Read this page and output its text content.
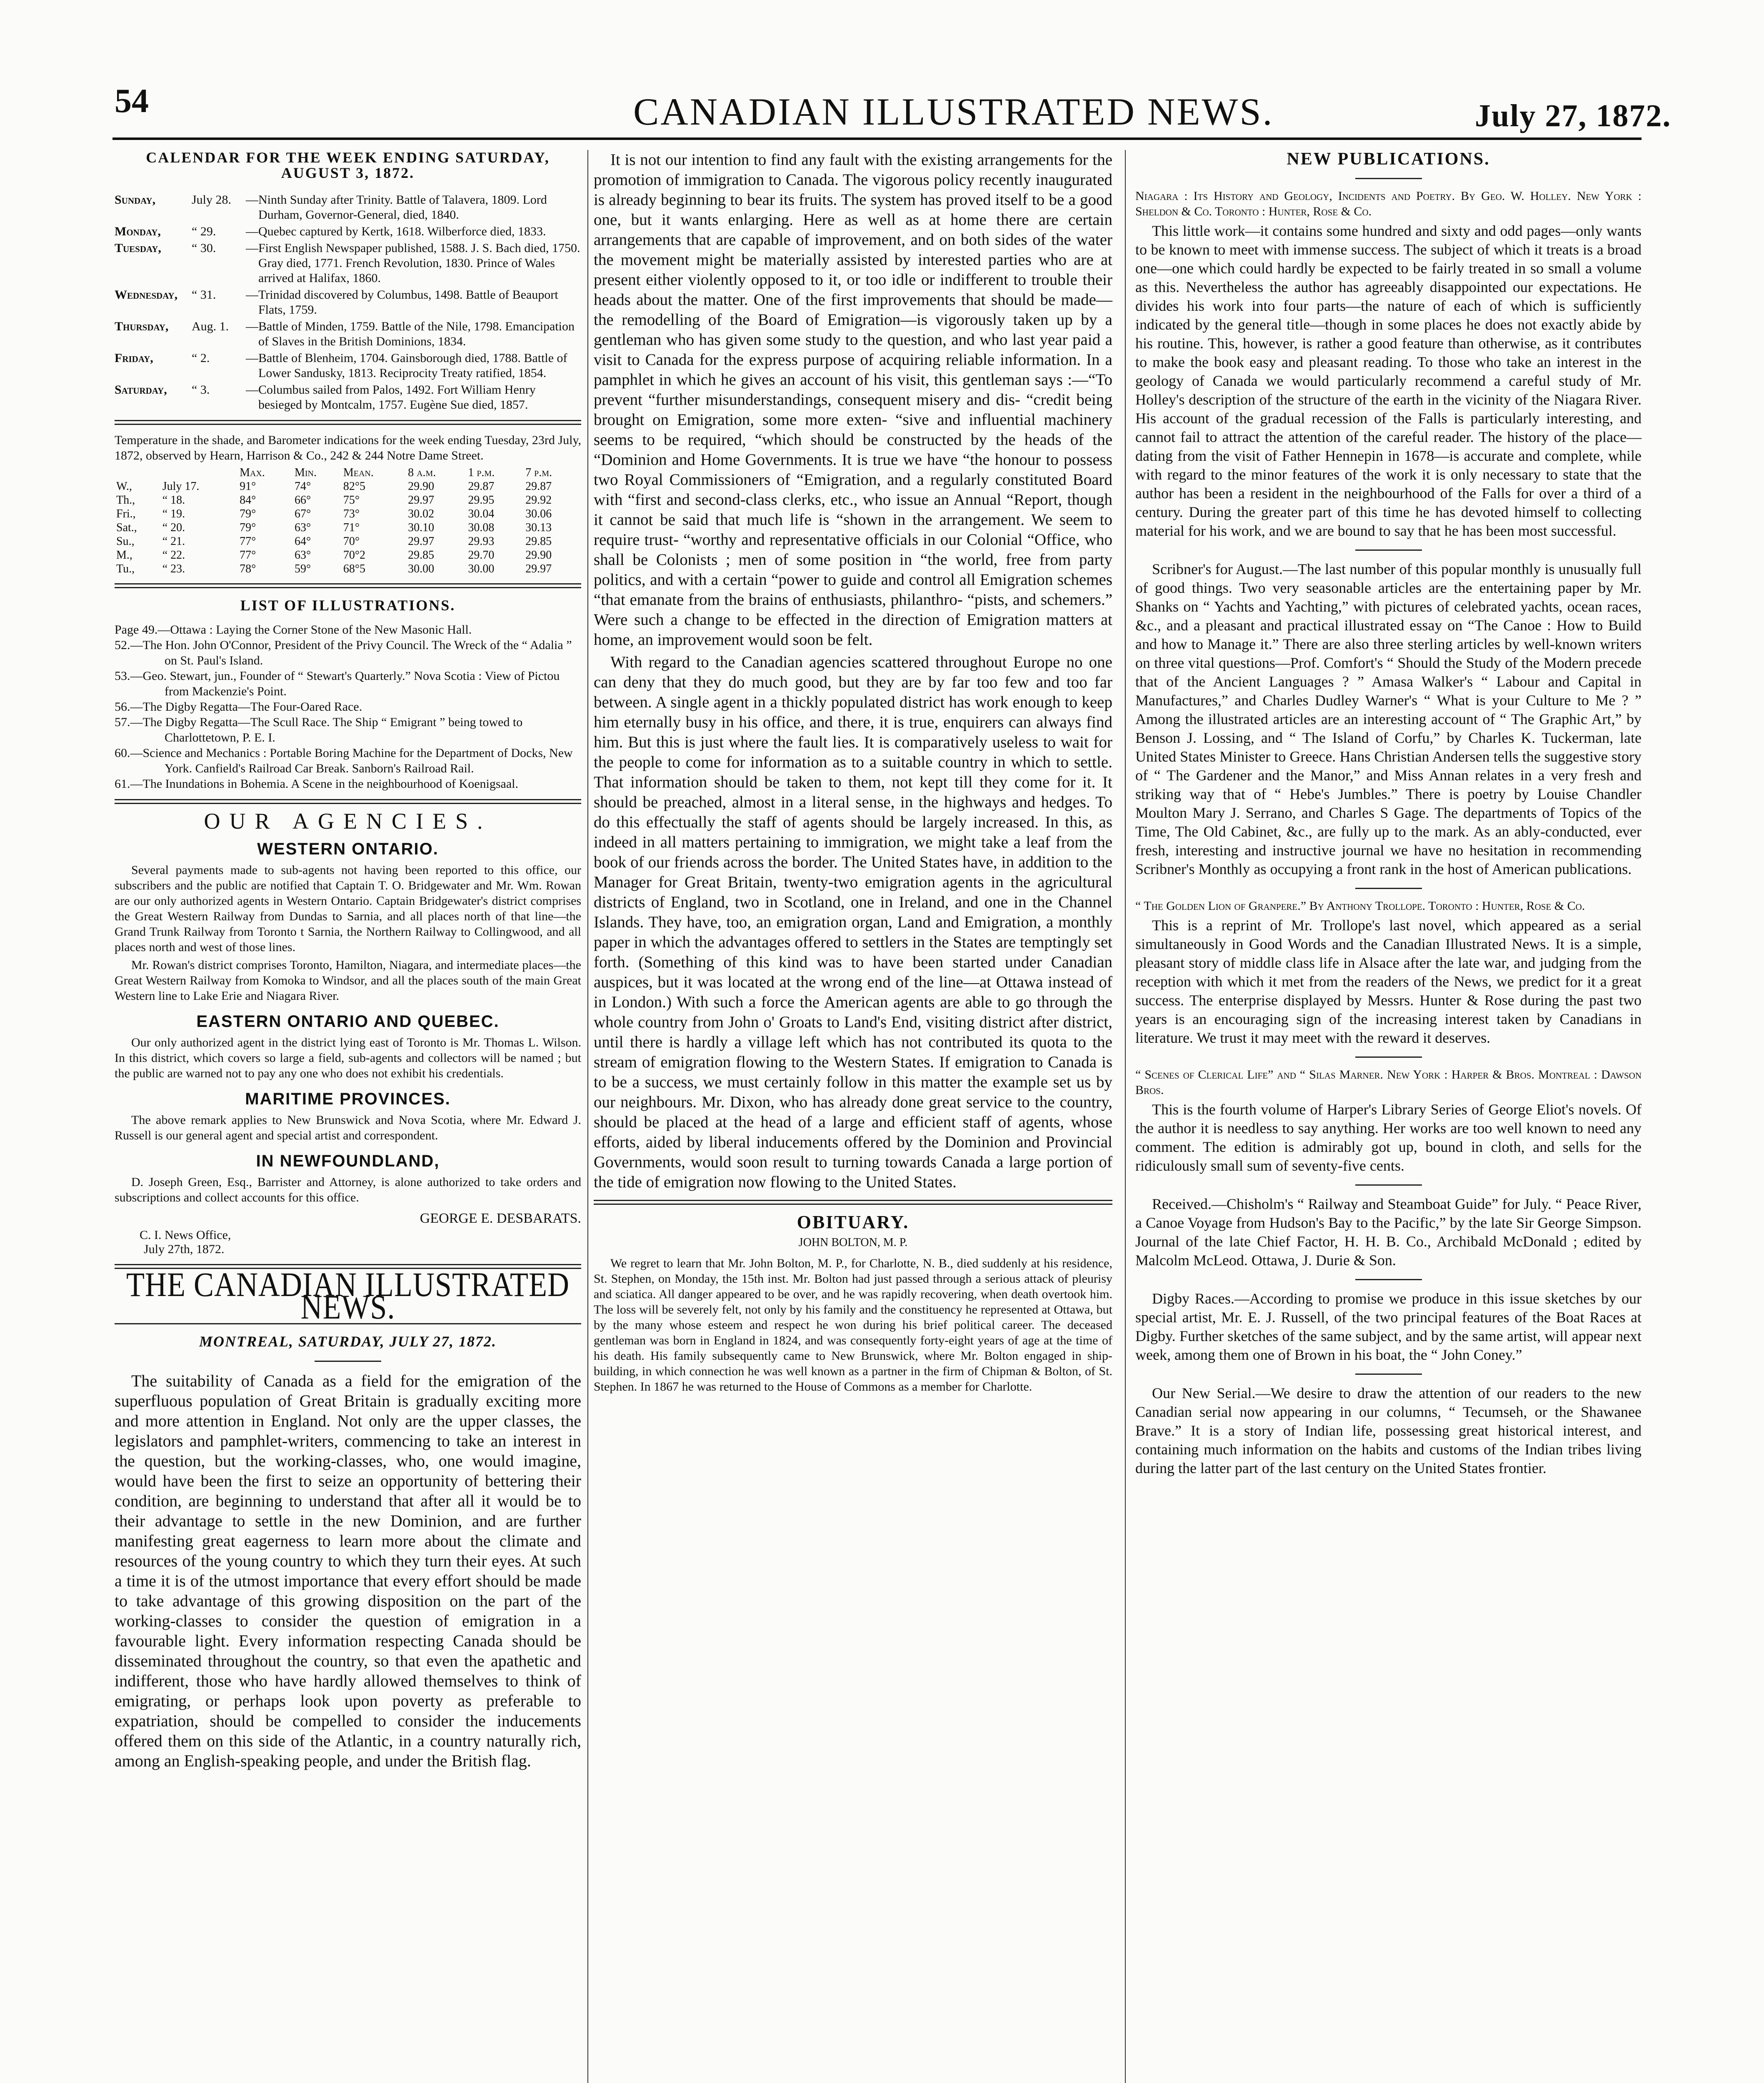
54	CANADIAN ILLUSTRATED NEWS.	July 27, 1872.
CALENDAR FOR THE WEEK ENDING SATURDAY, AUGUST 3, 1872.
Sunday,	July 28.	—Ninth Sunday after Trinity. Battle of Talavera, 1809. Lord Durham, Governor-General, died, 1840.
Monday,	“ 29.	—Quebec captured by Kertk, 1618. Wilberforce died, 1833.
Tuesday,	“ 30.	—First English Newspaper published, 1588. J. S. Bach died, 1750. Gray died, 1771. French Revolution, 1830. Prince of Wales arrived at Halifax, 1860.
Wednesday,	“ 31.	—Trinidad discovered by Columbus, 1498. Battle of Beauport Flats, 1759.
Thursday,	Aug. 1.	—Battle of Minden, 1759. Battle of the Nile, 1798. Emancipation of Slaves in the British Dominions, 1834.
Friday,	“ 2.	—Battle of Blenheim, 1704. Gainsborough died, 1788. Battle of Lower Sandusky, 1813. Reciprocity Treaty ratified, 1854.
Saturday,	“ 3.	—Columbus sailed from Palos, 1492. Fort William Henry besieged by Montcalm, 1757. Eugène Sue died, 1857.

Temperature in the shade, and Barometer indications for the week ending Tuesday, 23rd July, 1872, observed by Hearn, Harrison & Co., 242 & 244 Notre Dame Street.

		Max.	Min.	Mean.	8 a.m.	1 p.m.	7 p.m.
W.,	July 17.	91°	74°	82°5	29.90	29.87	29.87
Th.,	“ 18.	84°	66°	75°	29.97	29.95	29.92
Fri.,	“ 19.	79°	67°	73°	30.02	30.04	30.06
Sat.,	“ 20.	79°	63°	71°	30.10	30.08	30.13
Su.,	“ 21.	77°	64°	70°	29.97	29.93	29.85
M.,	“ 22.	77°	63°	70°2	29.85	29.70	29.90
Tu.,	“ 23.	78°	59°	68°5	30.00	30.00	29.97
LIST OF ILLUSTRATIONS.
Page 49.—Ottawa : Laying the Corner Stone of the New Masonic Hall.
52.—The Hon. John O'Connor, President of the Privy Council. The Wreck of the “ Adalia ” on St. Paul's Island.
53.—Geo. Stewart, jun., Founder of “ Stewart's Quarterly.” Nova Scotia : View of Pictou from Mackenzie's Point.
56.—The Digby Regatta—The Four-Oared Race.
57.—The Digby Regatta—The Scull Race. The Ship “ Emigrant ” being towed to Charlottetown, P. E. I.
60.—Science and Mechanics : Portable Boring Machine for the Department of Docks, New York. Canfield's Railroad Car Break. Sanborn's Railroad Rail.
61.—The Inundations in Bohemia. A Scene in the neighbourhood of Koenigsaal.
OUR AGENCIES.
WESTERN ONTARIO.

Several payments made to sub-agents not having been reported to this office, our subscribers and the public are notified that Captain T. O. Bridgewater and Mr. Wm. Rowan are our only authorized agents in Western Ontario. Captain Bridgewater's district comprises the Great Western Railway from Dundas to Sarnia, and all places north of that line—the Grand Trunk Railway from Toronto t Sarnia, the Northern Railway to Collingwood, and all places north and west of those lines.

Mr. Rowan's district comprises Toronto, Hamilton, Niagara, and intermediate places—the Great Western Railway from Komoka to Windsor, and all the places south of the main Great Western line to Lake Erie and Niagara River.

EASTERN ONTARIO AND QUEBEC.

Our only authorized agent in the district lying east of Toronto is Mr. Thomas L. Wilson. In this district, which covers so large a field, sub-agents and collectors will be named ; but the public are warned not to pay any one who does not exhibit his credentials.

MARITIME PROVINCES.

The above remark applies to New Brunswick and Nova Scotia, where Mr. Edward J. Russell is our general agent and special artist and correspondent.

IN NEWFOUNDLAND,

D. Joseph Green, Esq., Barrister and Attorney, is alone authorized to take orders and subscriptions and collect accounts for this office.

GEORGE E. DESBARATS.
C. I. News Office,
July 27th, 1872.
THE CANADIAN ILLUSTRATED NEWS.
MONTREAL, SATURDAY, JULY 27, 1872.

The suitability of Canada as a field for the emigration of the superfluous population of Great Britain is gradually exciting more and more attention in England. Not only are the upper classes, the legislators and pamphlet-writers, commencing to take an interest in the question, but the working-classes, who, one would imagine, would have been the first to seize an opportunity of bettering their condition, are beginning to understand that after all it would be to their advantage to settle in the new Dominion, and are further manifesting great eagerness to learn more about the climate and resources of the young country to which they turn their eyes. At such a time it is of the utmost importance that every effort should be made to take advantage of this growing disposition on the part of the working-classes to consider the question of emigration in a favourable light. Every information respecting Canada should be disseminated throughout the country, so that even the apathetic and indifferent, those who have hardly allowed themselves to think of emigrating, or perhaps look upon poverty as preferable to expatriation, should be compelled to consider the inducements offered them on this side of the Atlantic, in a country naturally rich, among an English-speaking people, and under the British flag.

It is not our intention to find any fault with the existing arrangements for the promotion of immigration to Canada. The vigorous policy recently inaugurated is already beginning to bear its fruits. The system has proved itself to be a good one, but it wants enlarging. Here as well as at home there are certain arrangements that are capable of improvement, and on both sides of the water the movement might be materially assisted by interested parties who are at present either violently opposed to it, or too idle or indifferent to trouble their heads about the matter. One of the first improvements that should be made—the remodelling of the Board of Emigration—is vigorously taken up by a gentleman who has given some study to the question, and who last year paid a visit to Canada for the express purpose of acquiring reliable information. In a pamphlet in which he gives an account of his visit, this gentleman says :—“To prevent “further misunderstandings, consequent misery and dis- “credit being brought on Emigration, some more exten- “sive and influential machinery seems to be required, “which should be constructed by the heads of the “Dominion and Home Governments. It is true we have “the honour to possess two Royal Commissioners of “Emigration, and a regularly constituted Board with “first and second-class clerks, etc., who issue an Annual “Report, though it cannot be said that much life is “shown in the arrangement. We seem to require trust- “worthy and representative officials in our Colonial “Office, who shall be Colonists ; men of some position in “the world, free from party politics, and with a certain “power to guide and control all Emigration schemes “that emanate from the brains of enthusiasts, philanthro- “pists, and schemers.” Were such a change to be effected in the direction of Emigration matters at home, an improvement would soon be felt.

With regard to the Canadian agencies scattered throughout Europe no one can deny that they do much good, but they are by far too few and too far between. A single agent in a thickly populated district has work enough to keep him eternally busy in his office, and there, it is true, enquirers can always find him. But this is just where the fault lies. It is comparatively useless to wait for the people to come for information as to a suitable country in which to settle. That information should be taken to them, not kept till they come for it. It should be preached, almost in a literal sense, in the highways and hedges. To do this effectually the staff of agents should be largely increased. In this, as indeed in all matters pertaining to immigration, we might take a leaf from the book of our friends across the border. The United States have, in addition to the Manager for Great Britain, twenty-two emigration agents in the agricultural districts of England, two in Scotland, one in Ireland, and one in the Channel Islands. They have, too, an emigration organ, Land and Emigration, a monthly paper in which the advantages offered to settlers in the States are temptingly set forth. (Something of this kind was to have been started under Canadian auspices, but it was located at the wrong end of the line—at Ottawa instead of in London.) With such a force the American agents are able to go through the whole country from John o' Groats to Land's End, visiting district after district, until there is hardly a village left which has not contributed its quota to the stream of emigration flowing to the Western States. If emigration to Canada is to be a success, we must certainly follow in this matter the example set us by our neighbours. Mr. Dixon, who has already done great service to the country, should be placed at the head of a large and efficient staff of agents, whose efforts, aided by liberal inducements offered by the Dominion and Provincial Governments, would soon result to turning towards Canada a large portion of the tide of emigration now flowing to the United States.

OBITUARY.
JOHN BOLTON, M. P.

We regret to learn that Mr. John Bolton, M. P., for Charlotte, N. B., died suddenly at his residence, St. Stephen, on Monday, the 15th inst. Mr. Bolton had just passed through a serious attack of pleurisy and sciatica. All danger appeared to be over, and he was rapidly recovering, when death overtook him. The loss will be severely felt, not only by his family and the constituency he represented at Ottawa, but by the many whose esteem and respect he won during his brief political career. The deceased gentleman was born in England in 1824, and was consequently forty-eight years of age at the time of his death. His family subsequently came to New Brunswick, where Mr. Bolton engaged in ship-building, in which connection he was well known as a partner in the firm of Chipman & Bolton, of St. Stephen. In 1867 he was returned to the House of Commons as a member for Charlotte.

NEW PUBLICATIONS.

Niagara : Its History and Geology, Incidents and Poetry. By Geo. W. Holley. New York : Sheldon & Co. Toronto : Hunter, Rose & Co.

This little work—it contains some hundred and sixty and odd pages—only wants to be known to meet with immense success. The subject of which it treats is a broad one—one which could hardly be expected to be fairly treated in so small a volume as this. Nevertheless the author has agreeably disappointed our expectations. He divides his work into four parts—the nature of each of which is sufficiently indicated by the general title—though in some places he does not exactly abide by his routine. This, however, is rather a good feature than otherwise, as it contributes to make the book easy and pleasant reading. To those who take an interest in the geology of Canada we would particularly recommend a careful study of Mr. Holley's description of the structure of the earth in the vicinity of the Niagara River. His account of the gradual recession of the Falls is particularly interesting, and cannot fail to attract the attention of the careful reader. The history of the place—dating from the visit of Father Hennepin in 1678—is accurate and complete, while with regard to the minor features of the work it is only necessary to state that the author has been a resident in the neighbourhood of the Falls for over a third of a century. During the greater part of this time he has devoted himself to collecting material for his work, and we are bound to say that he has been most successful.

Scribner's for August.—The last number of this popular monthly is unusually full of good things. Two very seasonable articles are the entertaining paper by Mr. Shanks on “ Yachts and Yachting,” with pictures of celebrated yachts, ocean races, &c., and a pleasant and practical illustrated essay on “The Canoe : How to Build and how to Manage it.” There are also three sterling articles by well-known writers on three vital questions—Prof. Comfort's “ Should the Study of the Modern precede that of the Ancient Languages ? ” Amasa Walker's “ Labour and Capital in Manufactures,” and Charles Dudley Warner's “ What is your Culture to Me ? ” Among the illustrated articles are an interesting account of “ The Graphic Art,” by Benson J. Lossing, and “ The Island of Corfu,” by Charles K. Tuckerman, late United States Minister to Greece. Hans Christian Andersen tells the suggestive story of “ The Gardener and the Manor,” and Miss Annan relates in a very fresh and striking way that of “ Hebe's Jumbles.” There is poetry by Louise Chandler Moulton Mary J. Serrano, and Charles S Gage. The departments of Topics of the Time, The Old Cabinet, &c., are fully up to the mark. As an ably-conducted, ever fresh, interesting and instructive journal we have no hesitation in recommending Scribner's Monthly as occupying a front rank in the host of American publications.

“ The Golden Lion of Granpere.” By Anthony Trollope. Toronto : Hunter, Rose & Co.

This is a reprint of Mr. Trollope's last novel, which appeared as a serial simultaneously in Good Words and the Canadian Illustrated News. It is a simple, pleasant story of middle class life in Alsace after the late war, and judging from the reception with which it met from the readers of the News, we predict for it a great success. The enterprise displayed by Messrs. Hunter & Rose during the past two years is an encouraging sign of the increasing interest taken by Canadians in literature. We trust it may meet with the reward it deserves.

“ Scenes of Clerical Life” and “ Silas Marner. New York : Harper & Bros. Montreal : Dawson Bros.

This is the fourth volume of Harper's Library Series of George Eliot's novels. Of the author it is needless to say anything. Her works are too well known to need any comment. The edition is admirably got up, bound in cloth, and sells for the ridiculously small sum of seventy-five cents.

Received.—Chisholm's “ Railway and Steamboat Guide” for July. “ Peace River, a Canoe Voyage from Hudson's Bay to the Pacific,” by the late Sir George Simpson. Journal of the late Chief Factor, H. H. B. Co., Archibald McDonald ; edited by Malcolm McLeod. Ottawa, J. Durie & Son.

Digby Races.—According to promise we produce in this issue sketches by our special artist, Mr. E. J. Russell, of the two principal features of the Boat Races at Digby. Further sketches of the same subject, and by the same artist, will appear next week, among them one of Brown in his boat, the “ John Coney.”

Our New Serial.—We desire to draw the attention of our readers to the new Canadian serial now appearing in our columns, “ Tecumseh, or the Shawanee Brave.” It is a story of Indian life, possessing great historical interest, and containing much information on the habits and customs of the Indian tribes living during the latter part of the last century on the United States frontier.
